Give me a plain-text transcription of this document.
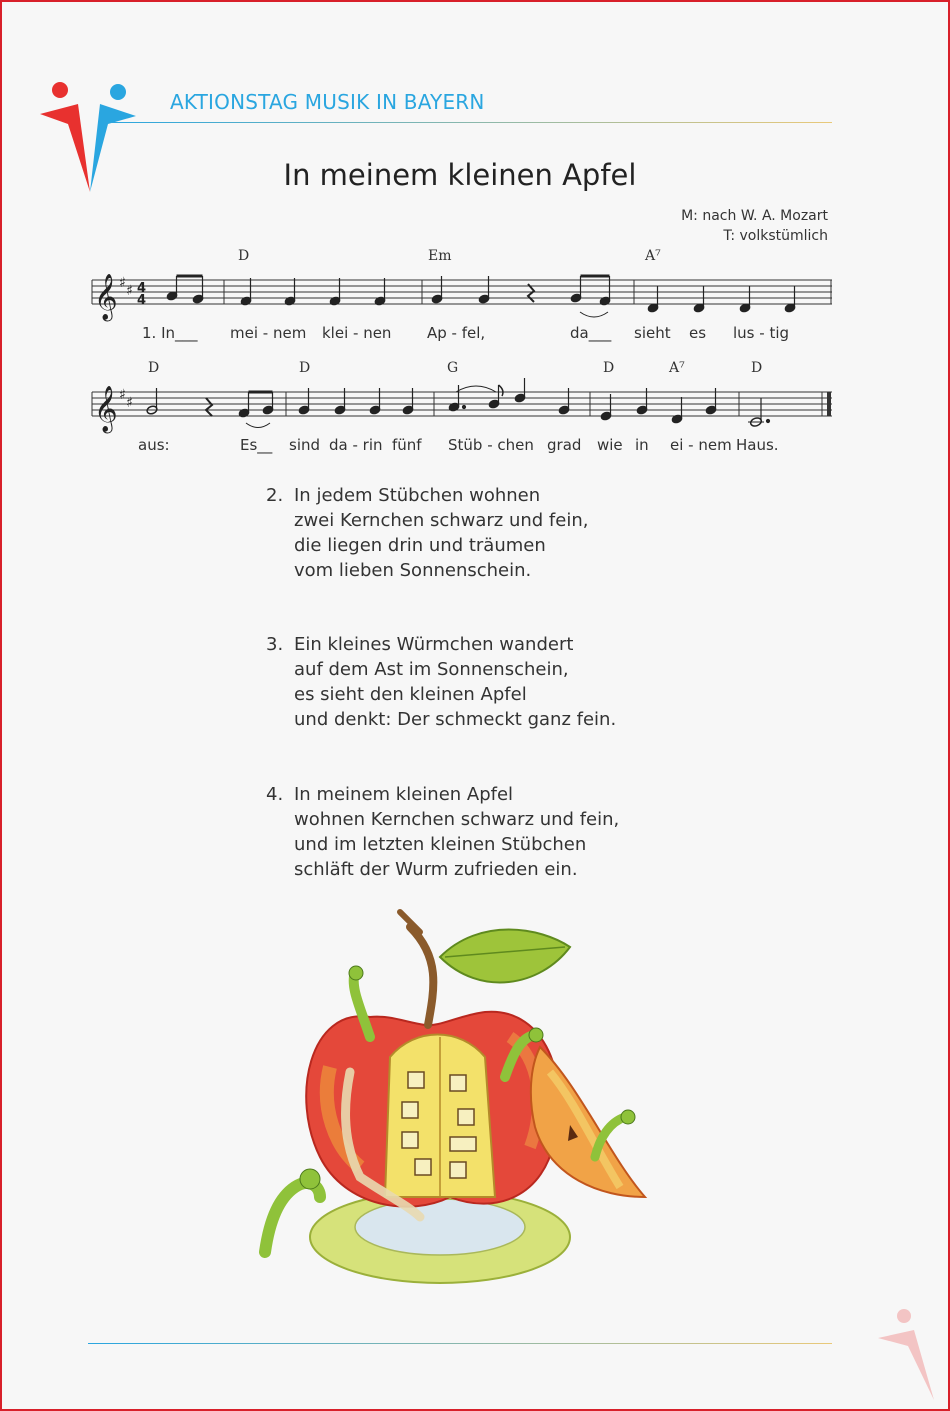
AKTIONSTAG MUSIK IN BAYERN
In meinem kleinen Apfel
M: nach W. A. Mozart
T: volkstümlich
𝄞 ♯ ♯ 4
4
D	Em	A⁷
1. In___ mei - nem klei - nen Ap - fel,	da___ sieht es lus - tig
𝄞 ♯ ♯
D	D	G	D	A⁷	D
aus:	Es__ sind da - rin fünf Stüb - chen grad wie in ei - nem Haus.
2. In jedem Stübchen wohnen
zwei Kernchen schwarz und fein,
die liegen drin und träumen
vom lieben Sonnenschein.
3. Ein kleines Würmchen wandert
auf dem Ast im Sonnenschein,
es sieht den kleinen Apfel
und denkt: Der schmeckt ganz fein.
4. In meinem kleinen Apfel
wohnen Kernchen schwarz und fein,
und im letzten kleinen Stübchen
schläft der Wurm zufrieden ein.
